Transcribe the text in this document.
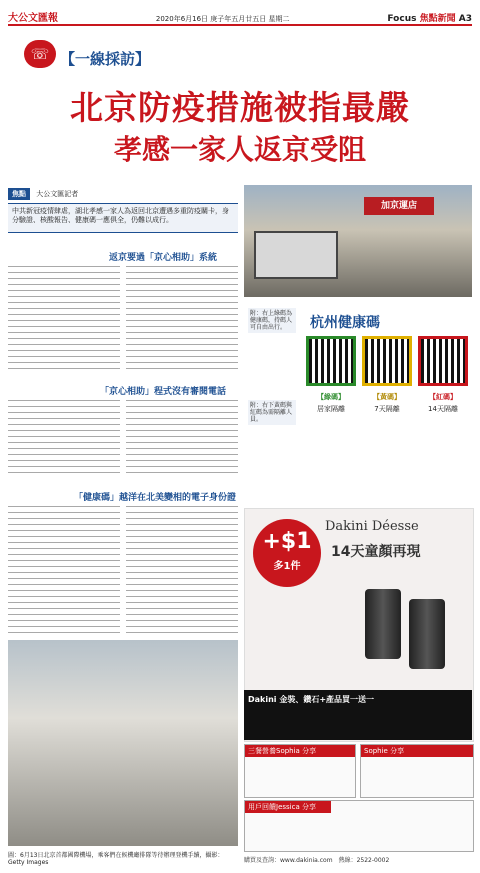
大公文匯報	2020年6月16日 庚子年五月廿五日 星期二	Focus 焦點新聞 A3
☏ 【一線採訪】
北京防疫措施被指最嚴
孝感一家人返京受阻
焦點 大公文匯記者
中共新冠疫情肆虐，湖北孝感一家人為返回北京遭遇多重防疫關卡，身分驗證、核酸報告、健康碼一應俱全，仍難以成行。
加京運店
返京要過「京心相助」系統
「京心相助」程式沒有審閱電話
「健康碼」越洋在北美變相的電子身份證
附：右上綠碼為健康碼，持碼人可自由出行。
附：右下黃碼與紅碼為需隔離人員。
杭州健康碼
【綠碼】	【黃碼】	【紅碼】
居家隔離	7天隔離	14天隔離
+$1
多1件
Dakini Déesse
14天童顏再現
Dakini 金裝、鑽石+產品買一送一
三餐營養Sophia 分享	Sophie 分享
用戶回饋Jessica 分享
圖：6月13日北京首都國際機場，乘客們在候機廳排隊等待辦理登機手續，攝影：Getty Images	購買及查詢：www.dakinia.com　熱線：2522-0002
